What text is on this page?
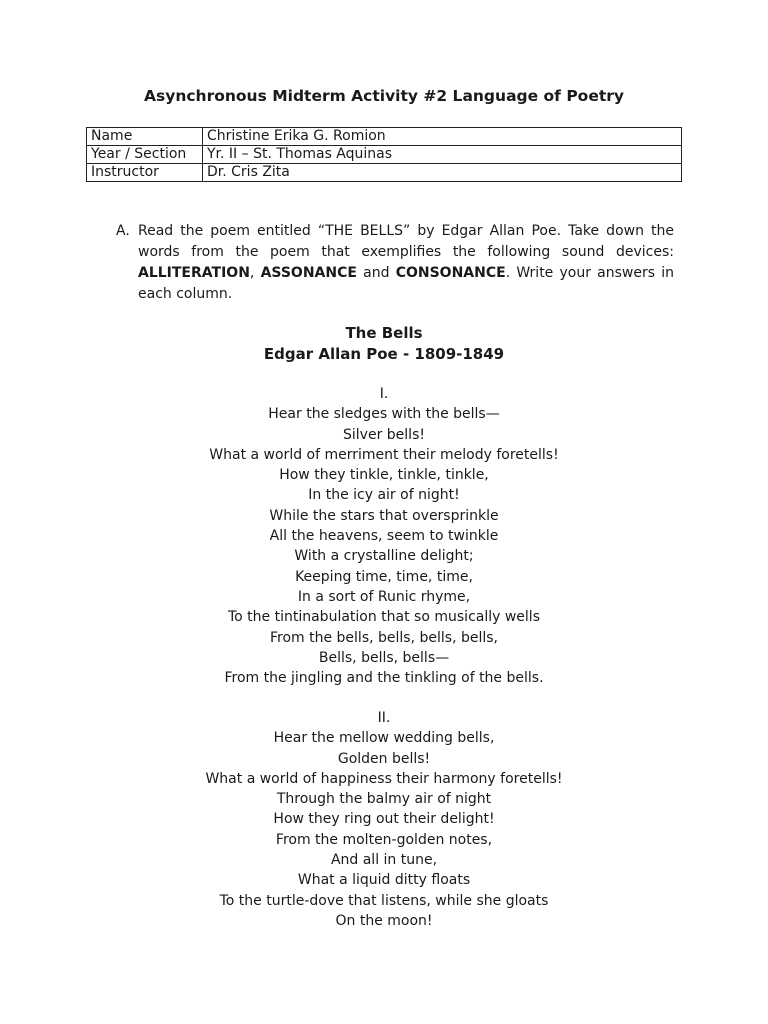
Asynchronous Midterm Activity #2 Language of Poetry
Name	Christine Erika G. Romion
Year / Section	Yr. II – St. Thomas Aquinas
Instructor	Dr. Cris Zita
A. Read the poem entitled “THE BELLS” by Edgar Allan Poe. Take down the words from the poem that exemplifies the following sound devices: ALLITERATION, ASSONANCE and CONSONANCE. Write your answers in each column.
The Bells
Edgar Allan Poe - 1809-1849
I.
Hear the sledges with the bells—
Silver bells!
What a world of merriment their melody foretells!
How they tinkle, tinkle, tinkle,
In the icy air of night!
While the stars that oversprinkle
All the heavens, seem to twinkle
With a crystalline delight;
Keeping time, time, time,
In a sort of Runic rhyme,
To the tintinabulation that so musically wells
From the bells, bells, bells, bells,
Bells, bells, bells—
From the jingling and the tinkling of the bells.
II.
Hear the mellow wedding bells,
Golden bells!
What a world of happiness their harmony foretells!
Through the balmy air of night
How they ring out their delight!
From the molten-golden notes,
And all in tune,
What a liquid ditty floats
To the turtle-dove that listens, while she gloats
On the moon!
